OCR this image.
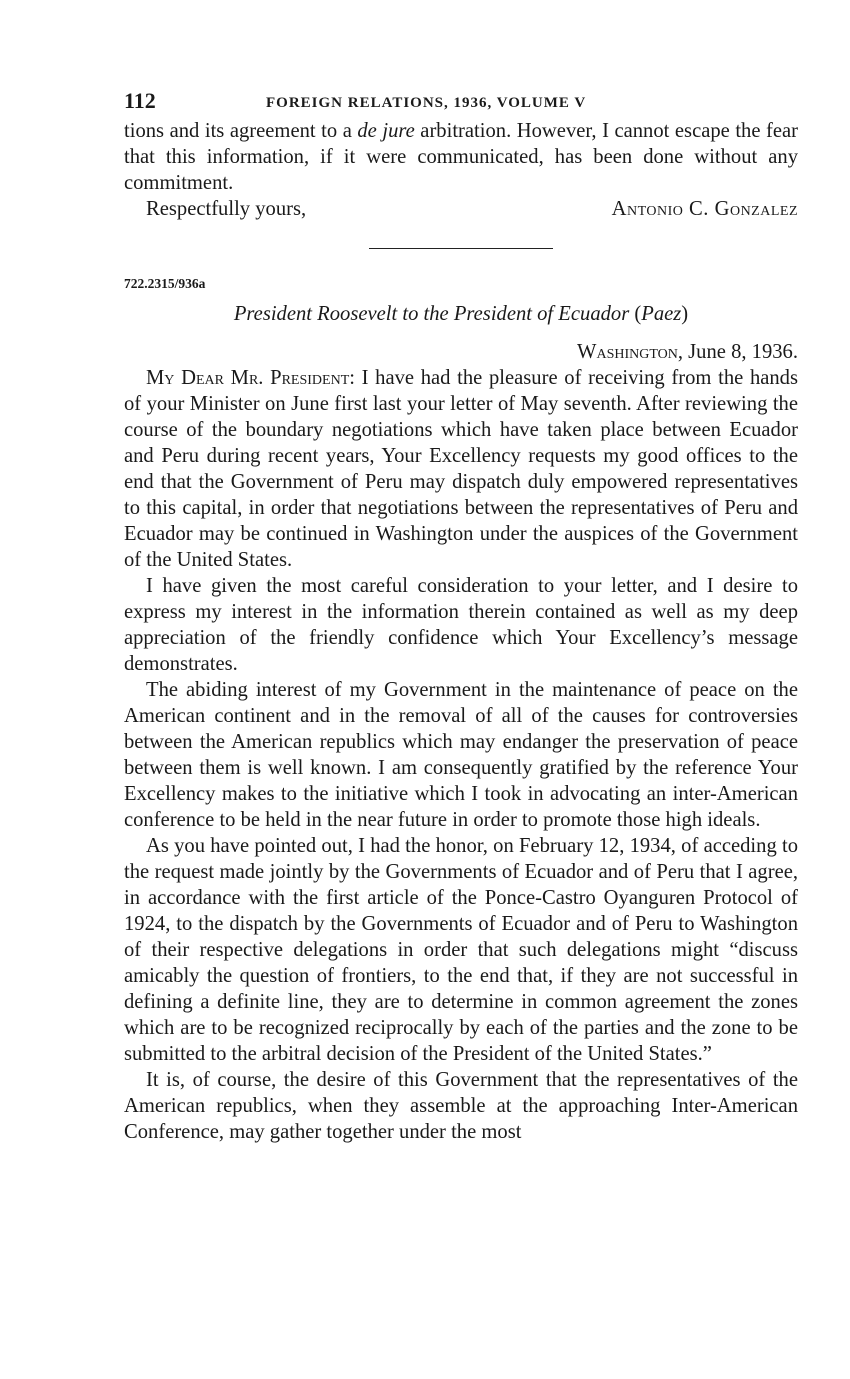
112	FOREIGN RELATIONS, 1936, VOLUME V

tions and its agreement to a de jure arbitration. However, I cannot escape the fear that this information, if it were communicated, has been done without any commitment.

Respectfully yours,	Antonio C. Gonzalez
722.2315/936a
President Roosevelt to the President of Ecuador (Paez)
Washington, June 8, 1936.

My Dear Mr. President: I have had the pleasure of receiving from the hands of your Minister on June first last your letter of May seventh. After reviewing the course of the boundary negotiations which have taken place between Ecuador and Peru during recent years, Your Excellency requests my good offices to the end that the Government of Peru may dispatch duly empowered representatives to this capital, in order that negotiations between the representatives of Peru and Ecuador may be continued in Washington under the auspices of the Government of the United States.

I have given the most careful consideration to your letter, and I desire to express my interest in the information therein contained as well as my deep appreciation of the friendly confidence which Your Excellency’s message demonstrates.

The abiding interest of my Government in the maintenance of peace on the American continent and in the removal of all of the causes for controversies between the American republics which may endanger the preservation of peace between them is well known. I am consequently gratified by the reference Your Excellency makes to the initiative which I took in advocating an inter-American conference to be held in the near future in order to promote those high ideals.

As you have pointed out, I had the honor, on February 12, 1934, of acceding to the request made jointly by the Governments of Ecuador and of Peru that I agree, in accordance with the first article of the Ponce-Castro Oyanguren Protocol of 1924, to the dispatch by the Governments of Ecuador and of Peru to Washington of their respective delegations in order that such delegations might “discuss amicably the question of frontiers, to the end that, if they are not successful in defining a definite line, they are to determine in common agreement the zones which are to be recognized reciprocally by each of the parties and the zone to be submitted to the arbitral decision of the President of the United States.”

It is, of course, the desire of this Government that the representatives of the American republics, when they assemble at the approaching Inter-American Conference, may gather together under the most
